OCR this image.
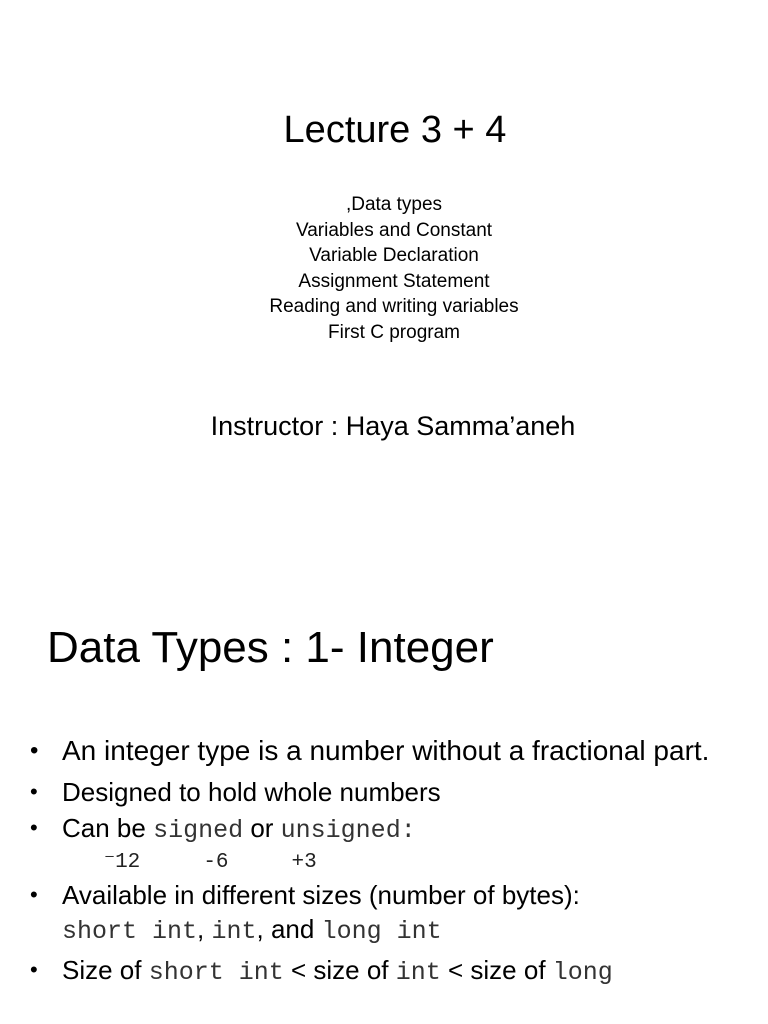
Lecture 3 + 4
,Data types
Variables and Constant
Variable Declaration
Assignment Statement
Reading and writing variables
First C program
Instructor : Haya Samma’aneh
Data Types : 1- Integer
• An integer type is a number without a fractional part.
• Designed to hold whole numbers
• Can be signed or unsigned:
⁻12	-6	+3
• Available in different sizes (number of bytes):
short int, int, and long int
• Size of short int < size of int < size of long
